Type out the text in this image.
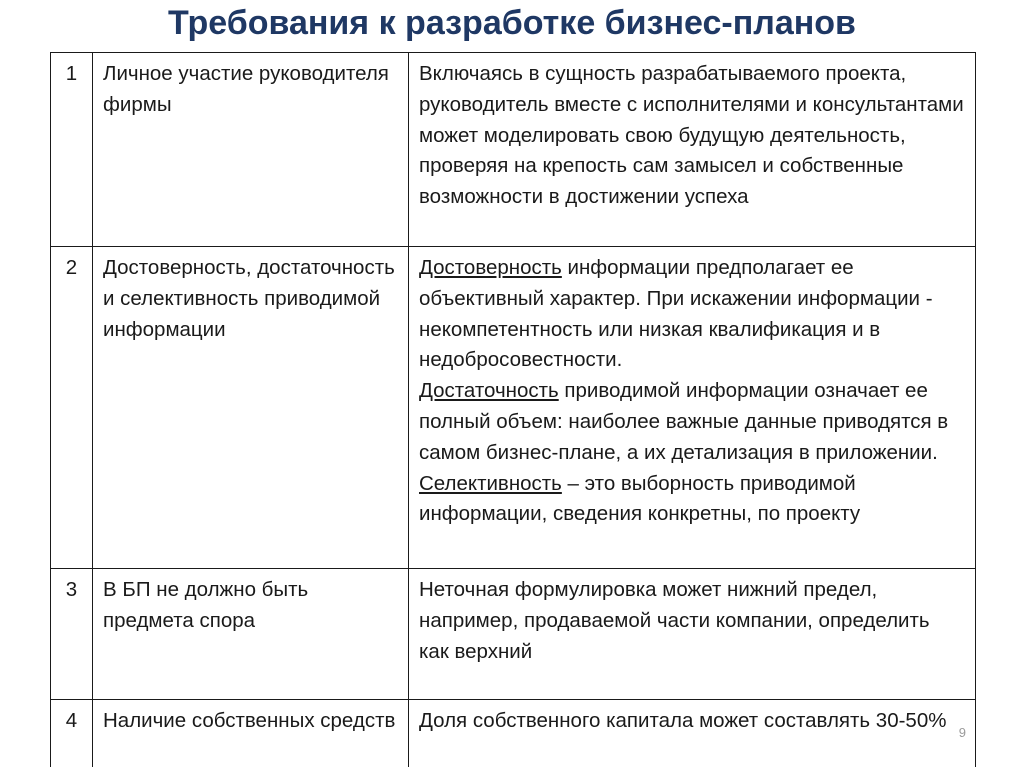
Требования к разработке бизнес-планов
1	Личное участие руководителя фирмы	Включаясь в сущность разрабатываемого проекта, руководитель вместе с исполнителями и консультантами может моделировать свою будущую деятельность, проверяя на крепость сам замысел и собственные возможности в достижении успеха
2	Достоверность, достаточность и селективность приводимой информации	Достоверность информации предполагает ее объективный характер. При искажении информации - некомпетентность или низкая квалификация и в недобросовестности.
Достаточность приводимой информации означает ее полный объем: наиболее важные данные приводятся в самом бизнес-плане, а их детализация в приложении.
Селективность – это выборность приводимой информации, сведения конкретны, по проекту
3	В БП не должно быть предмета спора	Неточная формулировка может нижний предел, например, продаваемой части компании, определить как верхний
4	Наличие собственных средств	Доля собственного капитала может составлять 30-50%
9
